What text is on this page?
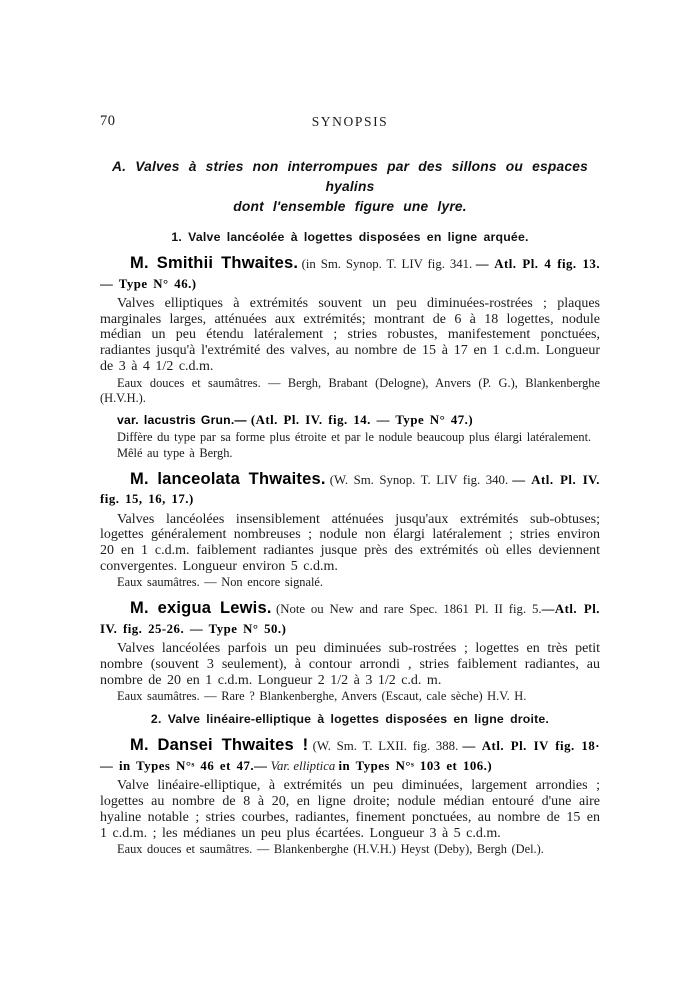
70	SYNOPSIS
A. Valves à stries non interrompues par des sillons ou espaces hyalins
dont l'ensemble figure une lyre.
1. Valve lancéolée à logettes disposées en ligne arquée.

M. Smithii Thwaites. (in Sm. Synop. T. LIV fig. 341. — Atl. Pl. 4 fig. 13. — Type N° 46.)

Valves elliptiques à extrémités souvent un peu diminuées-rostrées ; plaques marginales larges, atténuées aux extrémités; montrant de 6 à 18 logettes, nodule médian un peu étendu latéralement ; stries robustes, manifestement ponctuées, radiantes jusqu'à l'extrémité des valves, au nombre de 15 à 17 en 1 c.d.m. Longueur de 3 à 4 1/2 c.d.m.

Eaux douces et saumâtres. — Bergh, Brabant (Delogne), Anvers (P. G.), Blankenberghe (H.V.H.).

var. lacustris Grun.— (Atl. Pl. IV. fig. 14. — Type N° 47.)

Diffère du type par sa forme plus étroite et par le nodule beaucoup plus élargi latéralement.

Mêlé au type à Bergh.

M. lanceolata Thwaites. (W. Sm. Synop. T. LIV fig. 340. — Atl. Pl. IV. fig. 15, 16, 17.)

Valves lancéolées insensiblement atténuées jusqu'aux extrémités sub-obtuses; logettes généralement nombreuses ; nodule non élargi latéralement ; stries environ 20 en 1 c.d.m. faiblement radiantes jusque près des extrémités où elles deviennent convergentes. Longueur environ 5 c.d.m.

Eaux saumâtres. — Non encore signalé.

M. exigua Lewis. (Note ou New and rare Spec. 1861 Pl. II fig. 5.—Atl. Pl. IV. fig. 25-26. — Type N° 50.)

Valves lancéolées parfois un peu diminuées sub-rostrées ; logettes en très petit nombre (souvent 3 seulement), à contour arrondi , stries faiblement radiantes, au nombre de 20 en 1 c.d.m. Longueur 2 1/2 à 3 1/2 c.d. m.

Eaux saumâtres. — Rare ? Blankenberghe, Anvers (Escaut, cale sèche) H.V. H.

2. Valve linéaire-elliptique à logettes disposées en ligne droite.

M. Dansei Thwaites ! (W. Sm. T. LXII. fig. 388. — Atl. Pl. IV fig. 18· — in Types N°ˢ 46 et 47.— Var. elliptica in Types N°ˢ 103 et 106.)

Valve linéaire-elliptique, à extrémités un peu diminuées, largement arrondies ; logettes au nombre de 8 à 20, en ligne droite; nodule médian entouré d'une aire hyaline notable ; stries courbes, radiantes, finement ponctuées, au nombre de 15 en 1 c.d.m. ; les médianes un peu plus écartées. Longueur 3 à 5 c.d.m.

Eaux douces et saumâtres. — Blankenberghe (H.V.H.) Heyst (Deby), Bergh (Del.).
